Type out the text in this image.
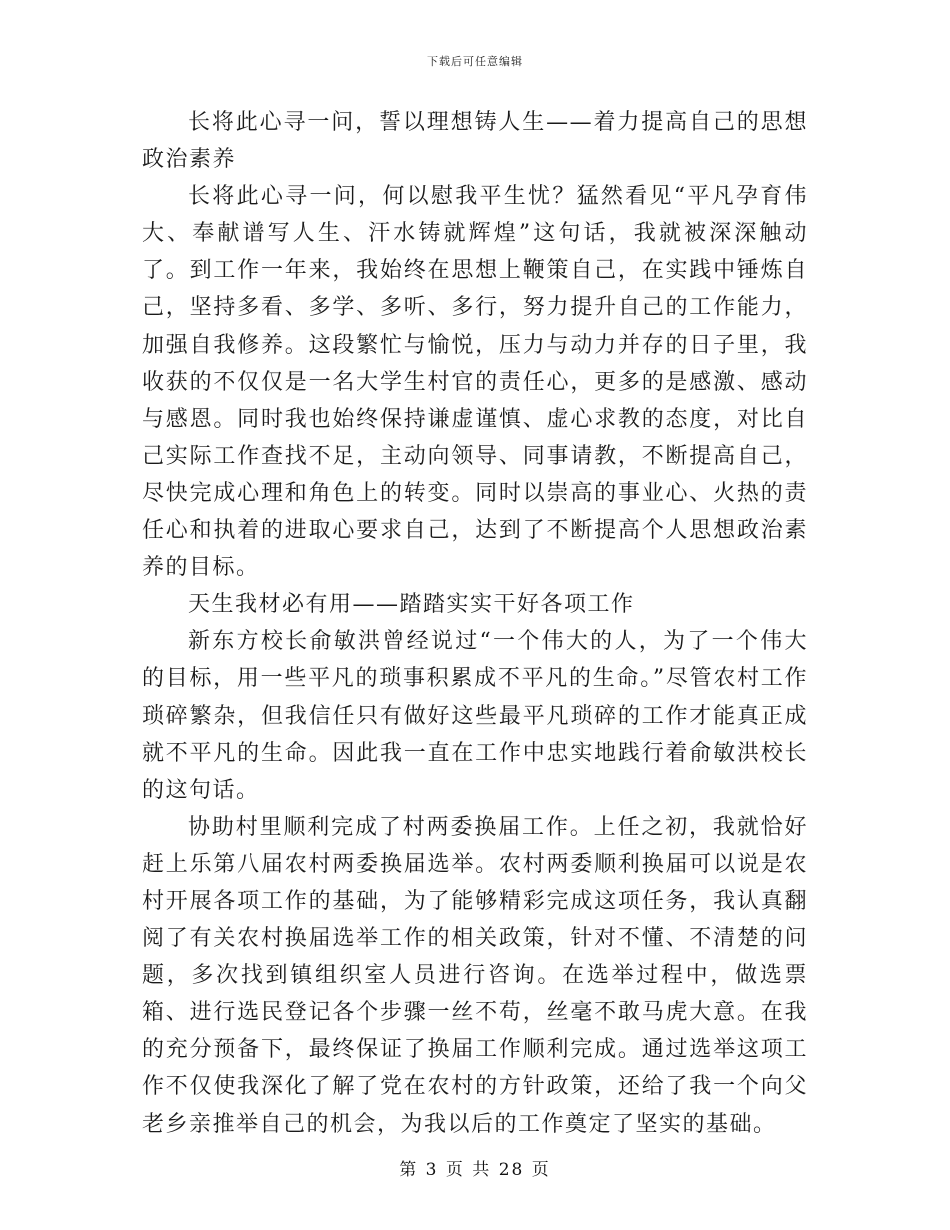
下载后可任意编辑

长将此心寻一问，誓以理想铸人生——着力提高自己的思想政治素养

长将此心寻一问，何以慰我平生忧？猛然看见“平凡孕育伟大、奉献谱写人生、汗水铸就辉煌”这句话，我就被深深触动了。到工作一年来，我始终在思想上鞭策自己，在实践中锤炼自己，坚持多看、多学、多听、多行，努力提升自己的工作能力，加强自我修养。这段繁忙与愉悦，压力与动力并存的日子里，我收获的不仅仅是一名大学生村官的责任心，更多的是感激、感动与感恩。同时我也始终保持谦虚谨慎、虚心求教的态度，对比自己实际工作查找不足，主动向领导、同事请教，不断提高自己，尽快完成心理和角色上的转变。同时以崇高的事业心、火热的责任心和执着的进取心要求自己，达到了不断提高个人思想政治素养的目标。

天生我材必有用——踏踏实实干好各项工作

新东方校长俞敏洪曾经说过“一个伟大的人，为了一个伟大的目标，用一些平凡的琐事积累成不平凡的生命。”尽管农村工作琐碎繁杂，但我信任只有做好这些最平凡琐碎的工作才能真正成就不平凡的生命。因此我一直在工作中忠实地践行着俞敏洪校长的这句话。

协助村里顺利完成了村两委换届工作。上任之初，我就恰好赶上乐第八届农村两委换届选举。农村两委顺利换届可以说是农村开展各项工作的基础，为了能够精彩完成这项任务，我认真翻阅了有关农村换届选举工作的相关政策，针对不懂、不清楚的问题，多次找到镇组织室人员进行咨询。在选举过程中，做选票箱、进行选民登记各个步骤一丝不苟，丝毫不敢马虎大意。在我的充分预备下，最终保证了换届工作顺利完成。通过选举这项工作不仅使我深化了解了党在农村的方针政策，还给了我一个向父老乡亲推举自己的机会，为我以后的工作奠定了坚实的基础。

第 3 页 共 28 页
